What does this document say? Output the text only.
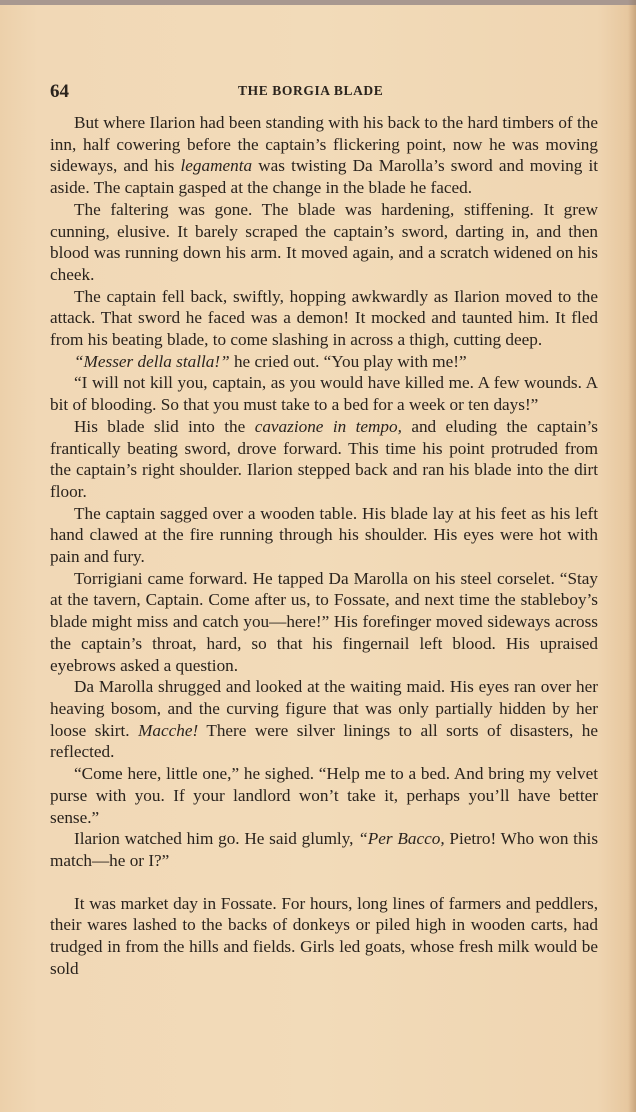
64	THE BORGIA BLADE

But where Ilarion had been standing with his back to the hard timbers of the inn, half cowering before the captain’s flickering point, now he was moving sideways, and his legamenta was twisting Da Marolla’s sword and moving it aside. The captain gasped at the change in the blade he faced.

The faltering was gone. The blade was hardening, stiffening. It grew cunning, elusive. It barely scraped the captain’s sword, darting in, and then blood was running down his arm. It moved again, and a scratch widened on his cheek.

The captain fell back, swiftly, hopping awkwardly as Ilarion moved to the attack. That sword he faced was a demon! It mocked and taunted him. It fled from his beating blade, to come slashing in across a thigh, cutting deep.

“Messer della stalla!” he cried out. “You play with me!”

“I will not kill you, captain, as you would have killed me. A few wounds. A bit of blooding. So that you must take to a bed for a week or ten days!”

His blade slid into the cavazione in tempo, and eluding the captain’s frantically beating sword, drove forward. This time his point protruded from the captain’s right shoulder. Ilarion stepped back and ran his blade into the dirt floor.

The captain sagged over a wooden table. His blade lay at his feet as his left hand clawed at the fire running through his shoulder. His eyes were hot with pain and fury.

Torrigiani came forward. He tapped Da Marolla on his steel corselet. “Stay at the tavern, Captain. Come after us, to Fossate, and next time the stableboy’s blade might miss and catch you—here!” His forefinger moved sideways across the captain’s throat, hard, so that his fingernail left blood. His upraised eyebrows asked a question.

Da Marolla shrugged and looked at the waiting maid. His eyes ran over her heaving bosom, and the curving figure that was only partially hidden by her loose skirt. Macche! There were silver linings to all sorts of disasters, he reflected.

“Come here, little one,” he sighed. “Help me to a bed. And bring my velvet purse with you. If your landlord won’t take it, perhaps you’ll have better sense.”

Ilarion watched him go. He said glumly, “Per Bacco, Pietro! Who won this match—he or I?”

It was market day in Fossate. For hours, long lines of farmers and peddlers, their wares lashed to the backs of donkeys or piled high in wooden carts, had trudged in from the hills and fields. Girls led goats, whose fresh milk would be sold
